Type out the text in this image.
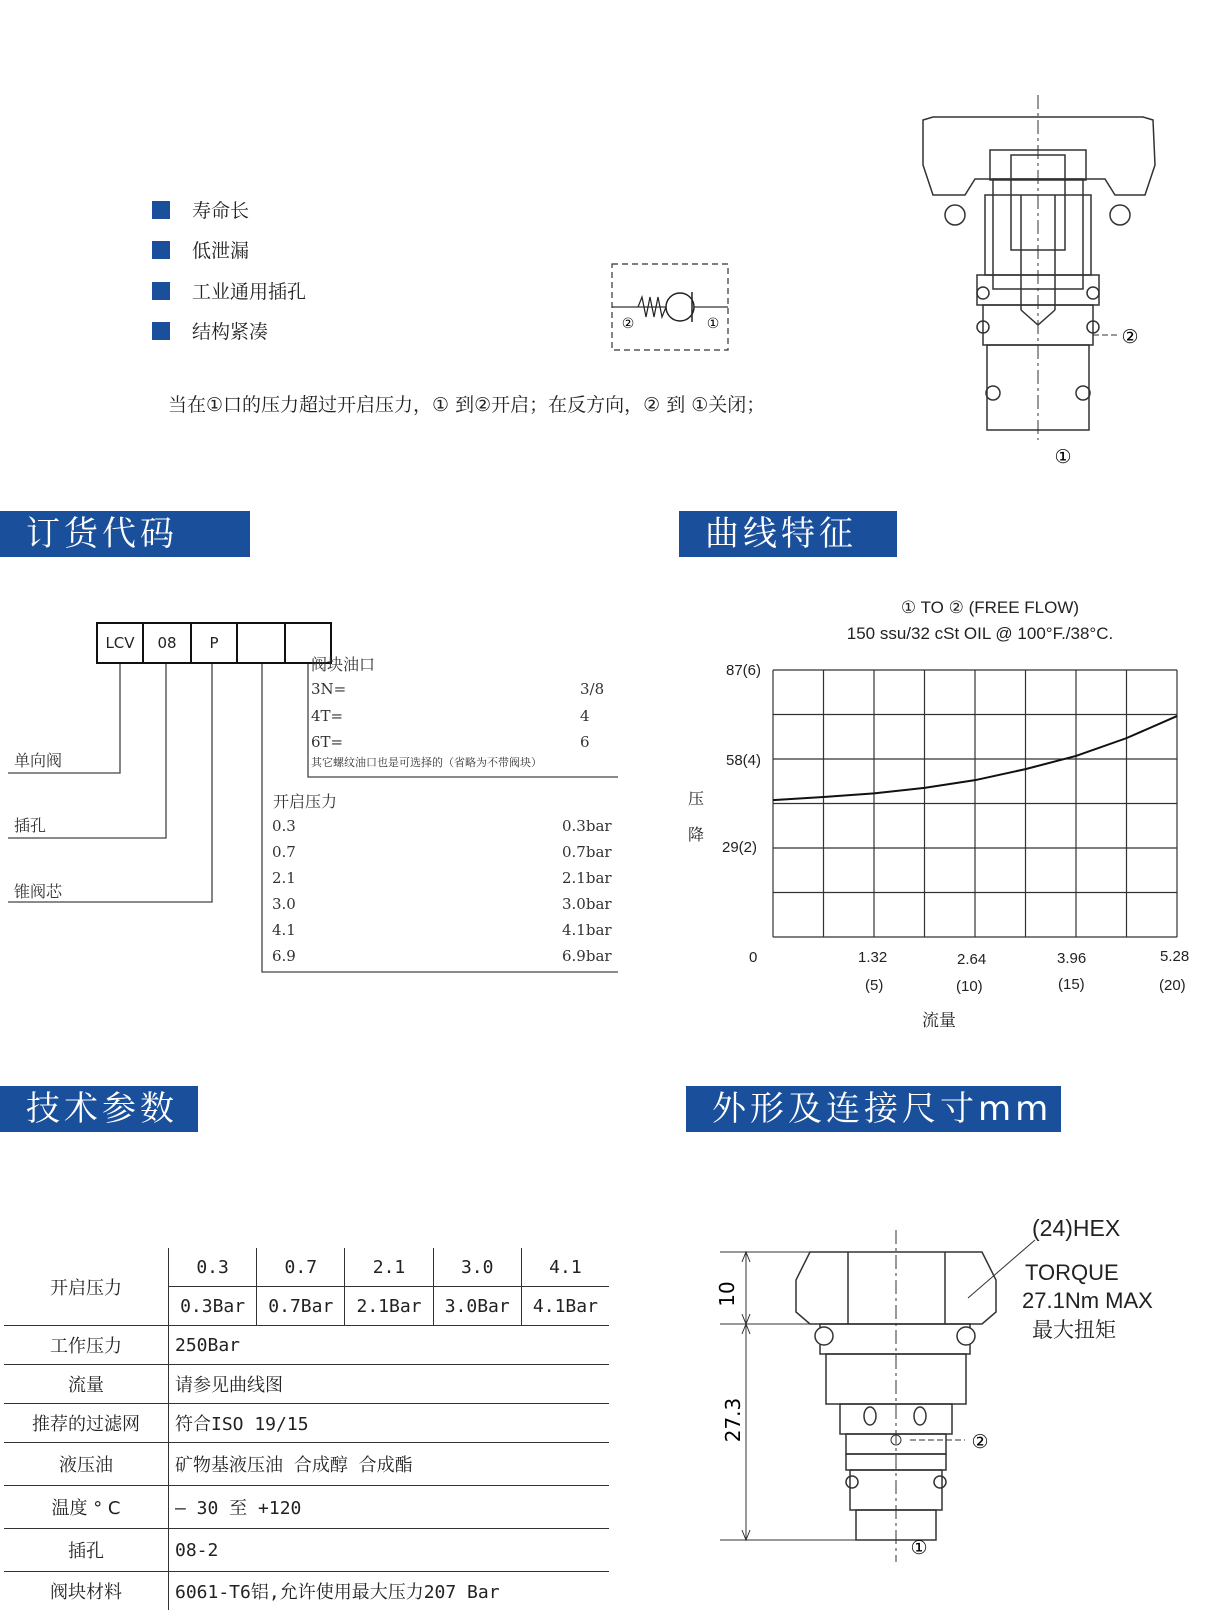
寿命长
低泄漏
工业通用插孔
结构紧凑
当在①口的压力超过开启压力，① 到②开启；在反方向，② 到 ①关闭；
②	①
②
①
订货代码	曲线特征
技术参数	外形及连接尺寸mm
LCV	08	P
单向阀
插孔
锥阀芯
阀块油口
3N=	3/8
4T=	4
6T=	6
其它螺纹油口也是可选择的（省略为不带阀块）
开启压力
0.3	0.3bar
0.7	0.7bar
2.1	2.1bar
3.0	3.0bar
4.1	4.1bar
6.9	6.9bar
① TO ② (FREE FLOW)
150 ssu/32 cSt OIL @ 100°F./38°C.
87(6)
58(4)
29(2)
压 降
0	1.32	2.64	3.96	5.28
(5)	(10)	(15)	(20)
流量
开启压力	0.3	0.7	2.1	3.0	4.1
	0.3Bar	0.7Bar	2.1Bar	3.0Bar	4.1Bar
工作压力	250Bar				
流量	请参见曲线图				
推荐的过滤网	符合ISO 19/15				
液压油	矿物基液压油 合成醇 合成酯				
温度 ° C	– 30 至 +120				
插孔	08-2				
阀块材料	6061-T6铝,允许使用最大压力207 Bar				
10
27.3	②
①
(24)HEX
TORQUE
27.1Nm MAX
最大扭矩
